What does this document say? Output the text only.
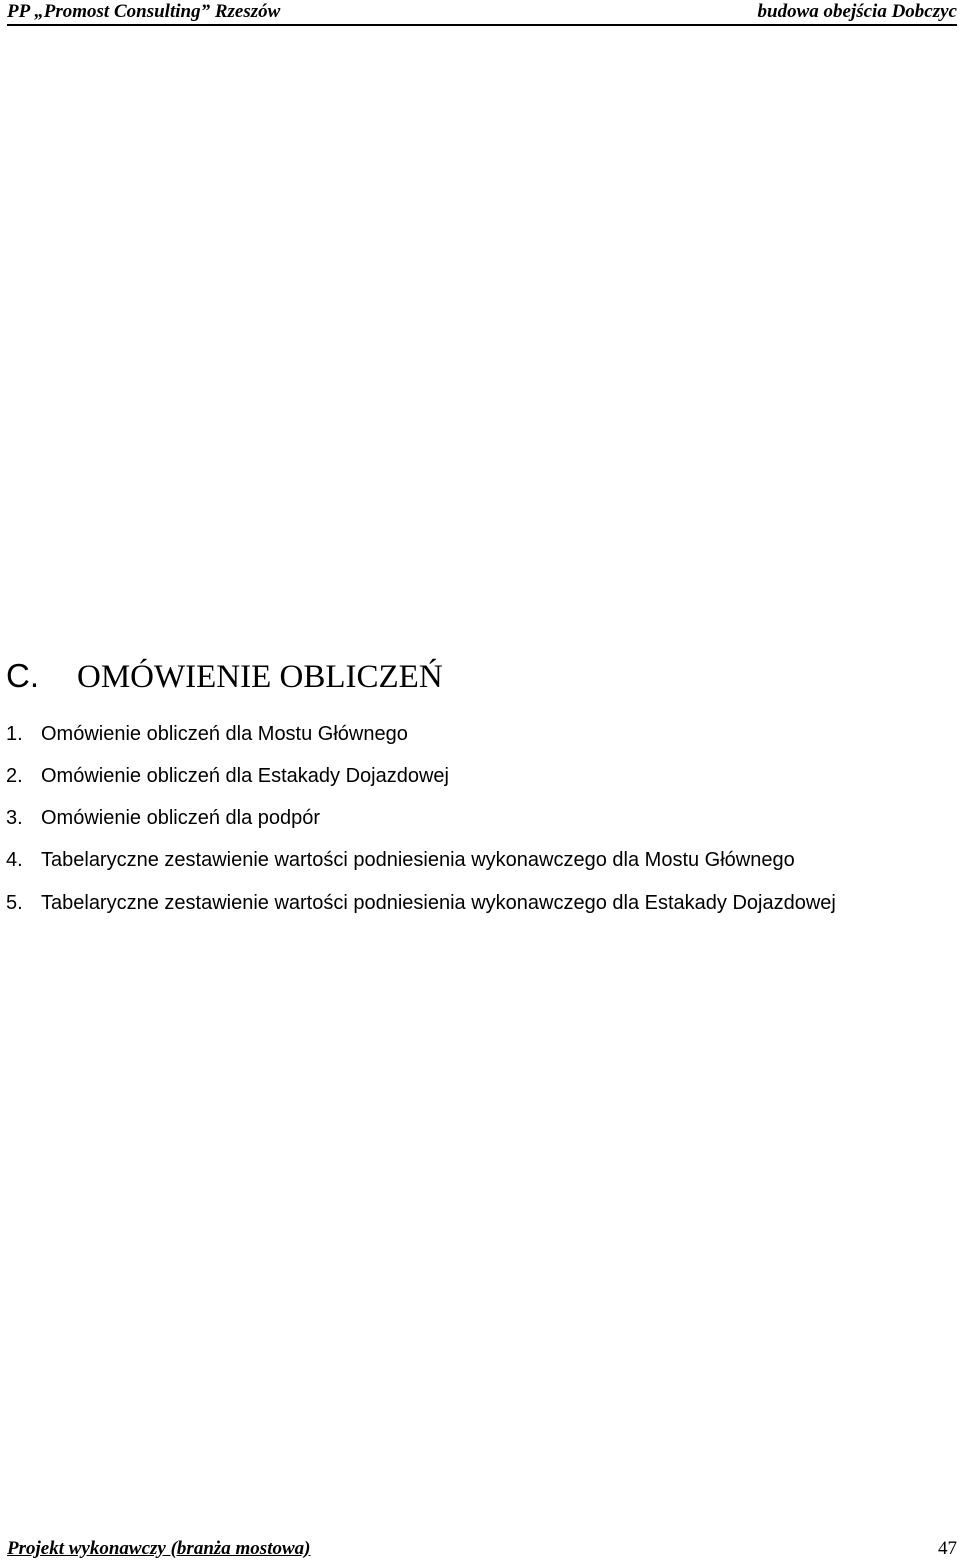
PP „Promost Consulting” Rzeszów	budowa obejścia Dobczyc
C. OMÓWIENIE OBLICZEŃ
1. Omówienie obliczeń dla Mostu Głównego
2. Omówienie obliczeń dla Estakady Dojazdowej
3. Omówienie obliczeń dla podpór
4. Tabelaryczne zestawienie wartości podniesienia wykonawczego dla Mostu Głównego
5. Tabelaryczne zestawienie wartości podniesienia wykonawczego dla Estakady Dojazdowej
Projekt wykonawczy (branża mostowa)	47
